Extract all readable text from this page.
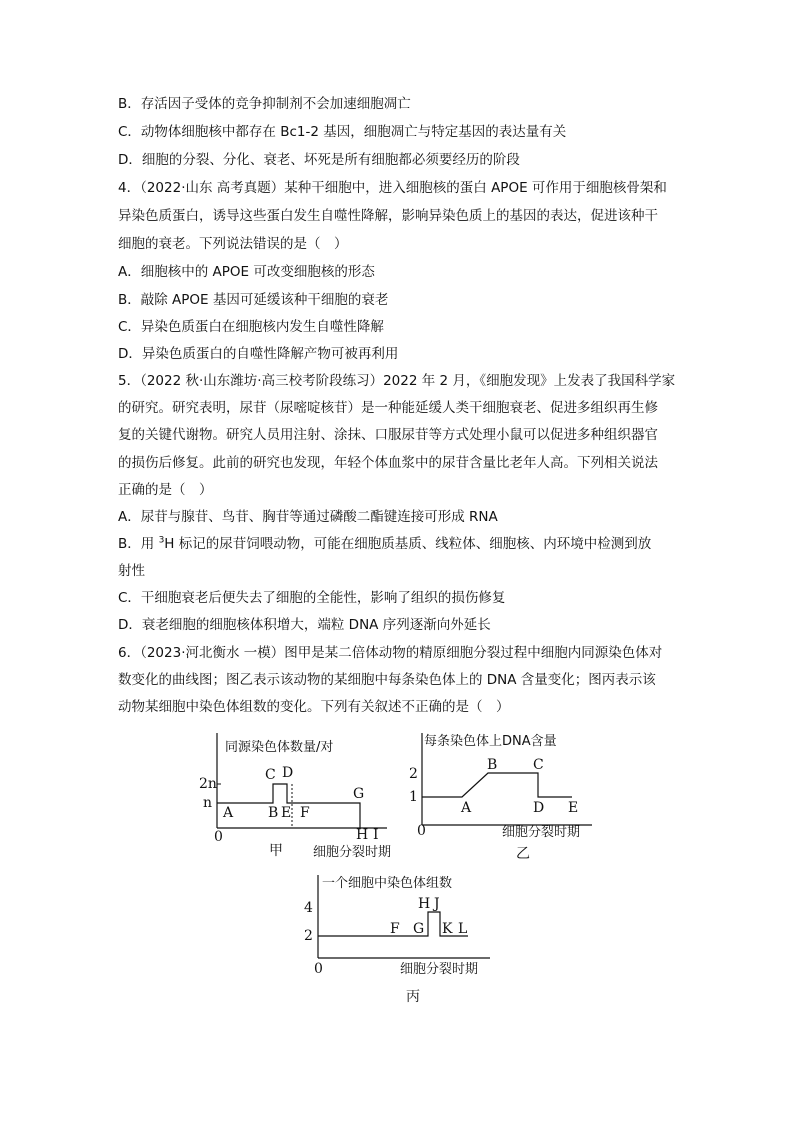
B．存活因子受体的竞争抑制剂不会加速细胞凋亡
C．动物体细胞核中都存在 Bc1-2 基因，细胞凋亡与特定基因的表达量有关
D．细胞的分裂、分化、衰老、坏死是所有细胞都必须要经历的阶段
4．（2022·山东 高考真题）某种干细胞中，进入细胞核的蛋白 APOE 可作用于细胞核骨架和
异染色质蛋白，诱导这些蛋白发生自噬性降解，影响异染色质上的基因的表达，促进该种干
细胞的衰老。下列说法错误的是（　）
A．细胞核中的 APOE 可改变细胞核的形态
B．敲除 APOE 基因可延缓该种干细胞的衰老
C．异染色质蛋白在细胞核内发生自噬性降解
D．异染色质蛋白的自噬性降解产物可被再利用
5．（2022 秋·山东潍坊·高三校考阶段练习）2022 年 2 月，《细胞发现》上发表了我国科学家
的研究。研究表明，尿苷（尿嘧啶核苷）是一种能延缓人类干细胞衰老、促进多组织再生修
复的关键代谢物。研究人员用注射、涂抹、口服尿苷等方式处理小鼠可以促进多种组织器官
的损伤后修复。此前的研究也发现，年轻个体血浆中的尿苷含量比老年人高。下列相关说法
正确的是（　）
A．尿苷与腺苷、鸟苷、胸苷等通过磷酸二酯键连接可形成 RNA
B．用 $^3$H 标记的尿苷饲喂动物，可能在细胞质基质、线粒体、细胞核、内环境中检测到放
射性
C．干细胞衰老后便失去了细胞的全能性，影响了组织的损伤修复
D．衰老细胞的细胞核体积增大，端粒 DNA 序列逐渐向外延长
6．（2023·河北衡水 一模）图甲是某二倍体动物的精原细胞分裂过程中细胞内同源染色体对
数变化的曲线图；图乙表示该动物的某细胞中每条染色体上的 DNA 含量变化；图丙表示该
动物某细胞中染色体组数的变化。下列有关叙述不正确的是（　）
同源染色体数量/对
2n
n
0
A B
C D
E F
G
H I
甲 细胞分裂时期
每条染色体上DNA含量
2
1
0
A
B	C
D E
细胞分裂时期
乙
一个细胞中染色体组数
4
2
0
F G
H J
K L
细胞分裂时期
丙
